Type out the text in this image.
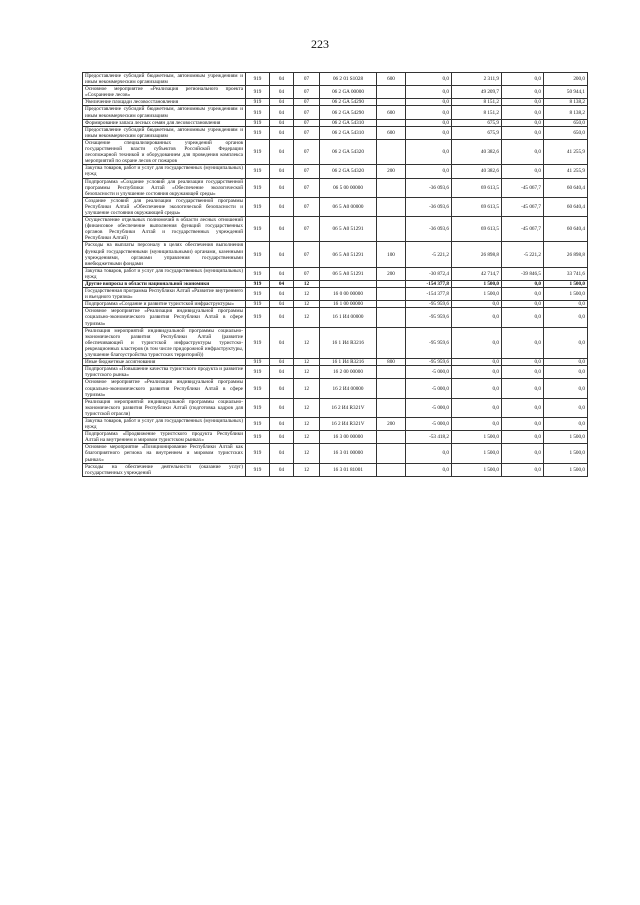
223
Предоставление субсидий бюджетным, автономным учреждениям и иным некоммерческим организациям	919	04	07	06 2 01 S1028	600	0,0	2 311,9	0,0	200,0
Основное мероприятие «Реализация регионального проекта «Сохранение лесов»	919	04	07	06 2 GA 00000		0,0	49 209,7	0,0	50 944,1
Увеличение площади лесовосстановления	919	04	07	06 2 GA 54290		0,0	8 151,2	0,0	8 138,2
Предоставление субсидий бюджетным, автономным учреждениям и иным некоммерческим организациям	919	04	07	06 2 GA 54290	600	0,0	8 151,2	0,0	8 138,2
Формирование запаса лесных семян для лесовосстановления	919	04	07	06 2 GA 54310		0,0	675,9	0,0	650,0
Предоставление субсидий бюджетным, автономным учреждениям и иным некоммерческим организациям	919	04	07	06 2 GA 54310	600	0,0	675,9	0,0	650,0
Оснащение специализированных учреждений органов государственной власти субъектов Российской Федерации лесопожарной техникой и оборудованием для проведения комплекса мероприятий по охране лесов от пожаров	919	04	07	06 2 GA 54320		0,0	40 382,6	0,0	41 255,9
Закупка товаров, работ и услуг для государственных (муниципальных) нужд	919	04	07	06 2 GA 54320	200	0,0	40 382,6	0,0	41 255,9
Подпрограмма «Создание условий для реализации государственной программы Республики Алтай «Обеспечение экологической безопасности и улучшение состояния окружающей среды»	919	04	07	06 5 00 00000		-36 093,6	69 613,5	-45 067,7	60 640,4
Создание условий для реализации государственной программы Республики Алтай «Обеспечение экологической безопасности и улучшение состояния окружающей среды»	919	04	07	06 5 А0 00000		-36 093,6	69 613,5	-45 067,7	60 640,4
Осуществление отдельных полномочий в области лесных отношений (финансовое обеспечение выполнения функций государственных органов Республики Алтай и государственных учреждений Республики Алтай)	919	04	07	06 5 А0 51291		-36 093,6	69 613,5	-45 067,7	60 640,4
Расходы на выплаты персоналу в целях обеспечения выполнения функций государственными (муниципальными) органами, казенными учреждениями, органами управления государственными внебюджетными фондами	919	04	07	06 5 А0 51291	100	-5 221,2	26 898,8	-5 221,2	26 898,8
Закупка товаров, работ и услуг для государственных (муниципальных) нужд	919	04	07	06 5 А0 51291	200	-30 872,4	42 714,7	-39 846,5	33 741,6
Другие вопросы в области национальной экономики	919	04	12			-154 377,8	1 500,0	0,0	1 500,0
Государственная программа Республики Алтай «Развитие внутреннего и въездного туризма»	919	04	12	16 0 00 00000		-154 377,8	1 500,0	0,0	1 500,0
Подпрограмма «Создание и развитие туристской инфраструктуры»	919	04	12	16 1 00 00000		-95 959,6	0,0	0,0	0,0
Основное мероприятие «Реализация индивидуальной программы социально-экономического развития Республики Алтай в сфере туризма»	919	04	12	16 1 И4 00000		-95 959,6	0,0	0,0	0,0
Реализация мероприятий индивидуальной программы социально-экономического развития Республики Алтай (развитие обеспечивающей и туристской инфраструктуры туристско-рекреационных кластеров (в том числе придорожной инфраструктуры, улучшение благоустройства туристских территорий))	919	04	12	16 1 И4 R3216		-95 959,6	0,0	0,0	0,0
Иные бюджетные ассигнования	919	04	12	16 1 И4 R3216	800	-95 959,6	0,0	0,0	0,0
Подпрограмма «Повышение качества туристского продукта и развитие туристского рынка»	919	04	12	16 2 00 00000		-5 000,0	0,0	0,0	0,0
Основное мероприятие «Реализация индивидуальной программы социально-экономического развития Республики Алтай в сфере туризма»	919	04	12	16 2 И4 00000		-5 000,0	0,0	0,0	0,0
Реализация мероприятий индивидуальной программы социально-экономического развития Республики Алтай (подготовка кадров для туристской отрасли)	919	04	12	16 2 И4 R321V		-5 000,0	0,0	0,0	0,0
Закупка товаров, работ и услуг для государственных (муниципальных) нужд	919	04	12	16 2 И4 R321V	200	-5 000,0	0,0	0,0	0,0
Подпрограмма «Продвижение туристского продукта Республики Алтай на внутреннем и мировом туристском рынках»	919	04	12	16 3 00 00000		-53 418,2	1 500,0	0,0	1 500,0
Основное мероприятие «Позиционирование Республики Алтай как благоприятного региона на внутреннем и мировом туристских рынках»	919	04	12	16 3 01 00000		0,0	1 500,0	0,0	1 500,0
Расходы на обеспечение деятельности (оказание услуг) государственных учреждений	919	04	12	16 3 01 81001		0,0	1 500,0	0,0	1 500,0
